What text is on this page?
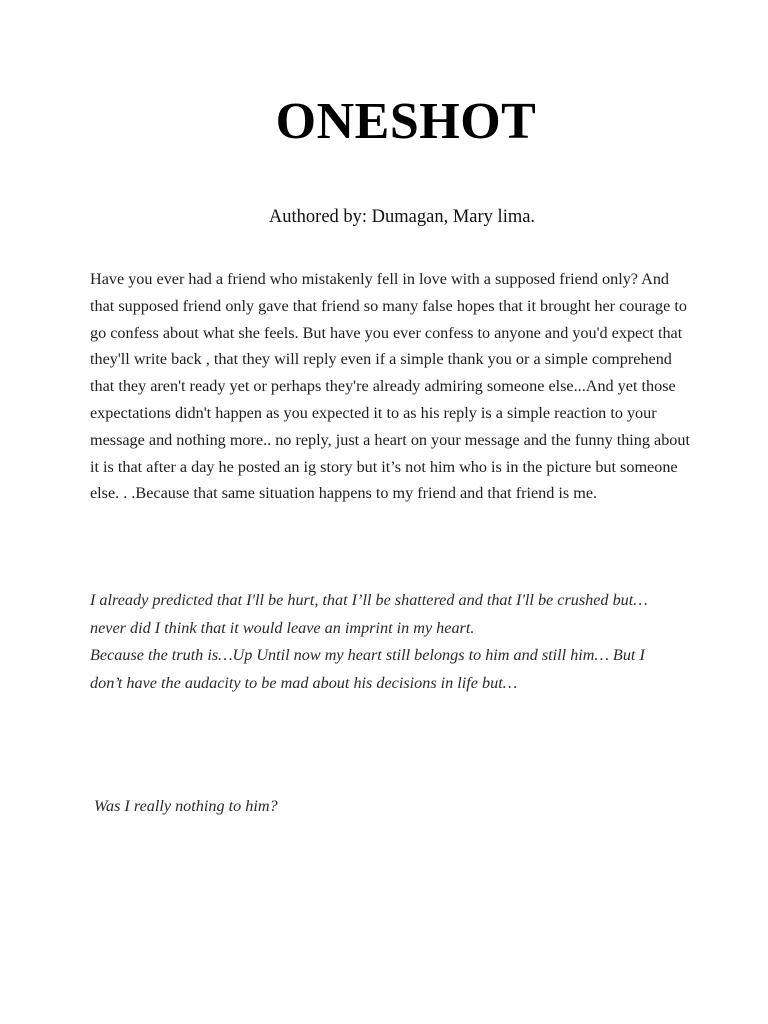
ONESHOT

Authored by: Dumagan, Mary lima.

Have you ever had a friend who mistakenly fell in love with a supposed friend only? And that supposed friend only gave that friend so many false hopes that it brought her courage to go confess about what she feels. But have you ever confess to anyone and you'd expect that they'll write back , that they will reply even if a simple thank you or a simple comprehend that they aren't ready yet or perhaps they're already admiring someone else...And yet those expectations didn't happen as you expected it to as his reply is a simple reaction to your message and nothing more.. no reply, just a heart on your message and the funny thing about it is that after a day he posted an ig story but it’s not him who is in the picture but someone else. . .Because that same situation happens to my friend and that friend is me.

I already predicted that I'll be hurt, that I’ll be shattered and that I'll be crushed but…
never did I think that it would leave an imprint in my heart.
Because the truth is…Up Until now my heart still belongs to him and still him… But I
don’t have the audacity to be mad about his decisions in life but…

Was I really nothing to him?
